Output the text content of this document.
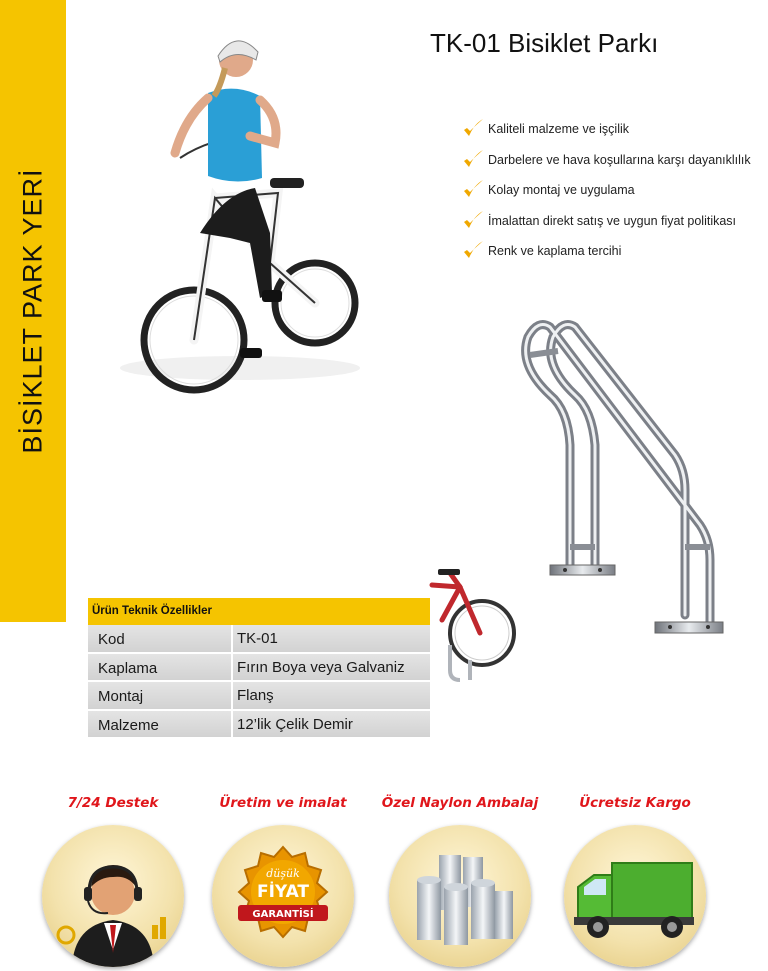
BİSİKLET PARK YERİ
TK-01 Bisiklet Parkı
Kaliteli malzeme ve işçilik
Darbelere ve hava koşullarına karşı dayanıklılık
Kolay montaj ve uygulama
İmalattan direkt satış ve uygun fiyat politikası
Renk ve kaplama tercihi
Ürün Teknik Özellikler
Kod	TK-01
Kaplama	Fırın Boya veya Galvaniz
Montaj	Flanş
Malzeme	12’lik Çelik Demir
7/24 Destek	Üretim ve imalat
düşük
FİYAT
GARANTİSİ
Özel Naylon Ambalaj	Ücretsiz Kargo
